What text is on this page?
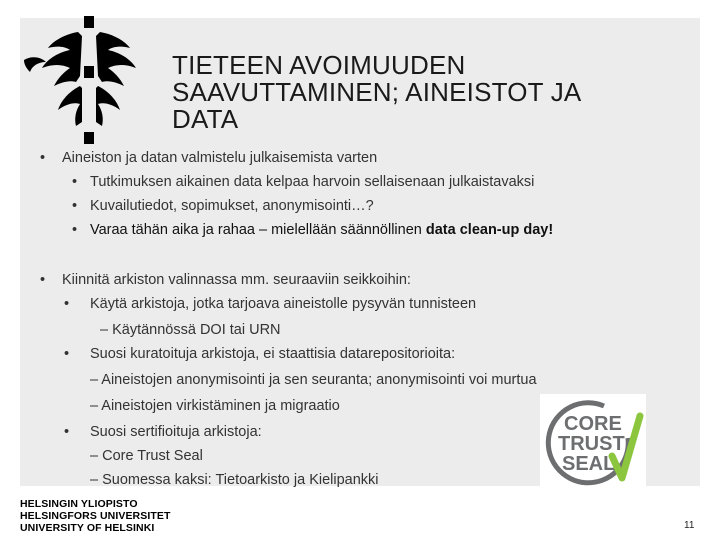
TIETEEN AVOIMUUDEN
SAAVUTTAMINEN; AINEISTOT JA
DATA
• Aineiston ja datan valmistelu julkaisemista varten
• Tutkimuksen aikainen data kelpaa harvoin sellaisenaan julkaistavaksi
• Kuvailutiedot, sopimukset, anonymisointi…?
• Varaa tähän aika ja rahaa – mielellään säännöllinen data clean-up day!
• Kiinnitä arkiston valinnassa mm. seuraaviin seikkoihin:
• Käytä arkistoja, jotka tarjoava aineistolle pysyvän tunnisteen
– Käytännössä DOI tai URN
• Suosi kuratoituja arkistoja, ei staattisia datarepositorioita:
– Aineistojen anonymisointi ja sen seuranta; anonymisointi voi murtua
– Aineistojen virkistäminen ja migraatio
• Suosi sertifioituja arkistoja:
– Core Trust Seal
– Suomessa kaksi: Tietoarkisto ja Kielipankki
CORE
TRUST
SEAL
HELSINGIN YLIOPISTO
HELSINGFORS UNIVERSITET
UNIVERSITY OF HELSINKI	11
